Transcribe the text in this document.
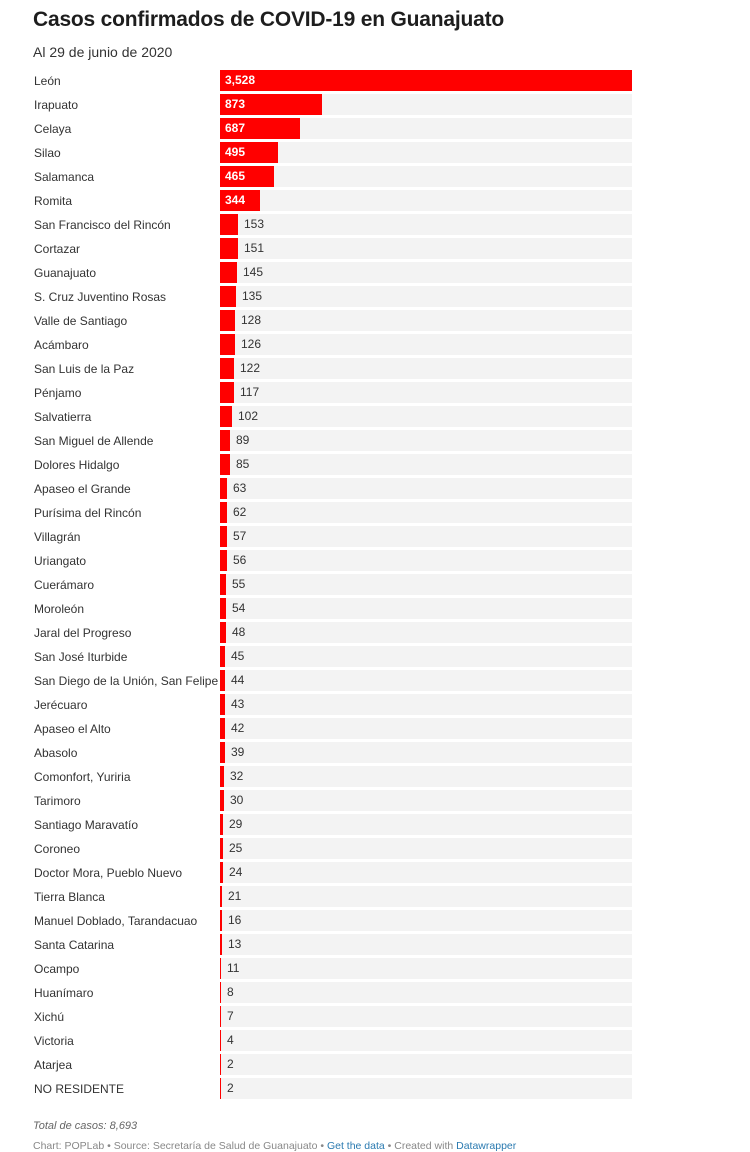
Casos confirmados de COVID-19 en Guanajuato

Al 29 de junio de 2020

León	3,528
Irapuato	873
Celaya	687
Silao	495
Salamanca	465
Romita	344
San Francisco del Rincón	153
Cortazar	151
Guanajuato	145
S. Cruz Juventino Rosas	135
Valle de Santiago	128
Acámbaro	126
San Luis de la Paz	122
Pénjamo	117
Salvatierra	102
San Miguel de Allende	89
Dolores Hidalgo	85
Apaseo el Grande	63
Purísima del Rincón	62
Villagrán	57
Uriangato	56
Cuerámaro	55
Moroleón	54
Jaral del Progreso	48
San José Iturbide	45
San Diego de la Unión, San Felipe 44
Jerécuaro	43
Apaseo el Alto	42
Abasolo	39
Comonfort, Yuriria	32
Tarimoro	30
Santiago Maravatío	29
Coroneo	25
Doctor Mora, Pueblo Nuevo	24
Tierra Blanca	21
Manuel Doblado, Tarandacuao	16
Santa Catarina	13
Ocampo	11
Huanímaro	8
Xichú	7
Victoria	4
Atarjea	2
NO RESIDENTE	2

Total de casos: 8,693

Chart: POPLab • Source: Secretaría de Salud de Guanajuato • Get the data • Created with Datawrapper
